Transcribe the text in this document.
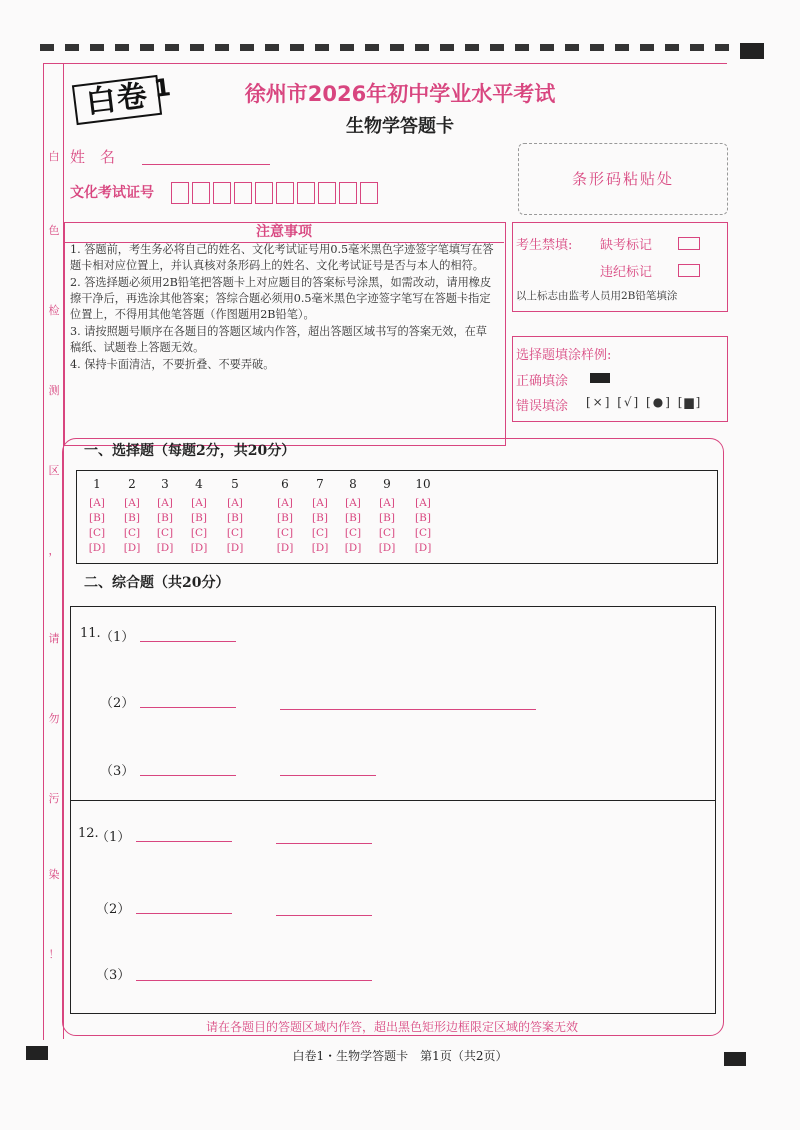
白
色
检
测
区
，
请
勿
污
染
！
白卷 1	徐州市2026年初中学业水平考试
生物学答题卡
姓　名
文化考试证号
条形码粘贴处
注意事项
1. 答题前，考生务必将自己的姓名、文化考试证号用0.5毫米黑色字迹签字笔填写在答题卡相对应位置上，并认真核对条形码上的姓名、文化考试证号是否与本人的相符。
2. 答选择题必须用2B铅笔把答题卡上对应题目的答案标号涂黑，如需改动，请用橡皮擦干净后，再选涂其他答案；答综合题必须用0.5毫米黑色字迹签字笔写在答题卡指定位置上，不得用其他笔答题（作图题用2B铅笔）。
3. 请按照题号顺序在各题目的答题区域内作答，超出答题区域书写的答案无效，在草稿纸、试题卷上答题无效。
4. 保持卡面清洁，不要折叠、不要弄破。
考生禁填: 缺考标记
违纪标记
以上标志由监考人员用2B铅笔填涂
选择题填涂样例:
正确填涂
错误填涂 [×] [√] [●] [▆]
一、选择题（每题2分，共20分）
1
[A]
[B]
[C]
[D]
2
[A]
[B]
[C]
[D]
3
[A]
[B]
[C]
[D]
4
[A]
[B]
[C]
[D]
5
[A]
[B]
[C]
[D]
6
[A]
[B]
[C]
[D]
7
[A]
[B]
[C]
[D]
8
[A]
[B]
[C]
[D]
9
[A]
[B]
[C]
[D]
10
[A]
[B]
[C]
[D]
二、综合题（共20分）
11. （1）
（2）
（3）
12.
（1）
（2）
（3）
请在各题目的答题区域内作答，超出黑色矩形边框限定区域的答案无效
白卷1・生物学答题卡　第1页（共2页）
